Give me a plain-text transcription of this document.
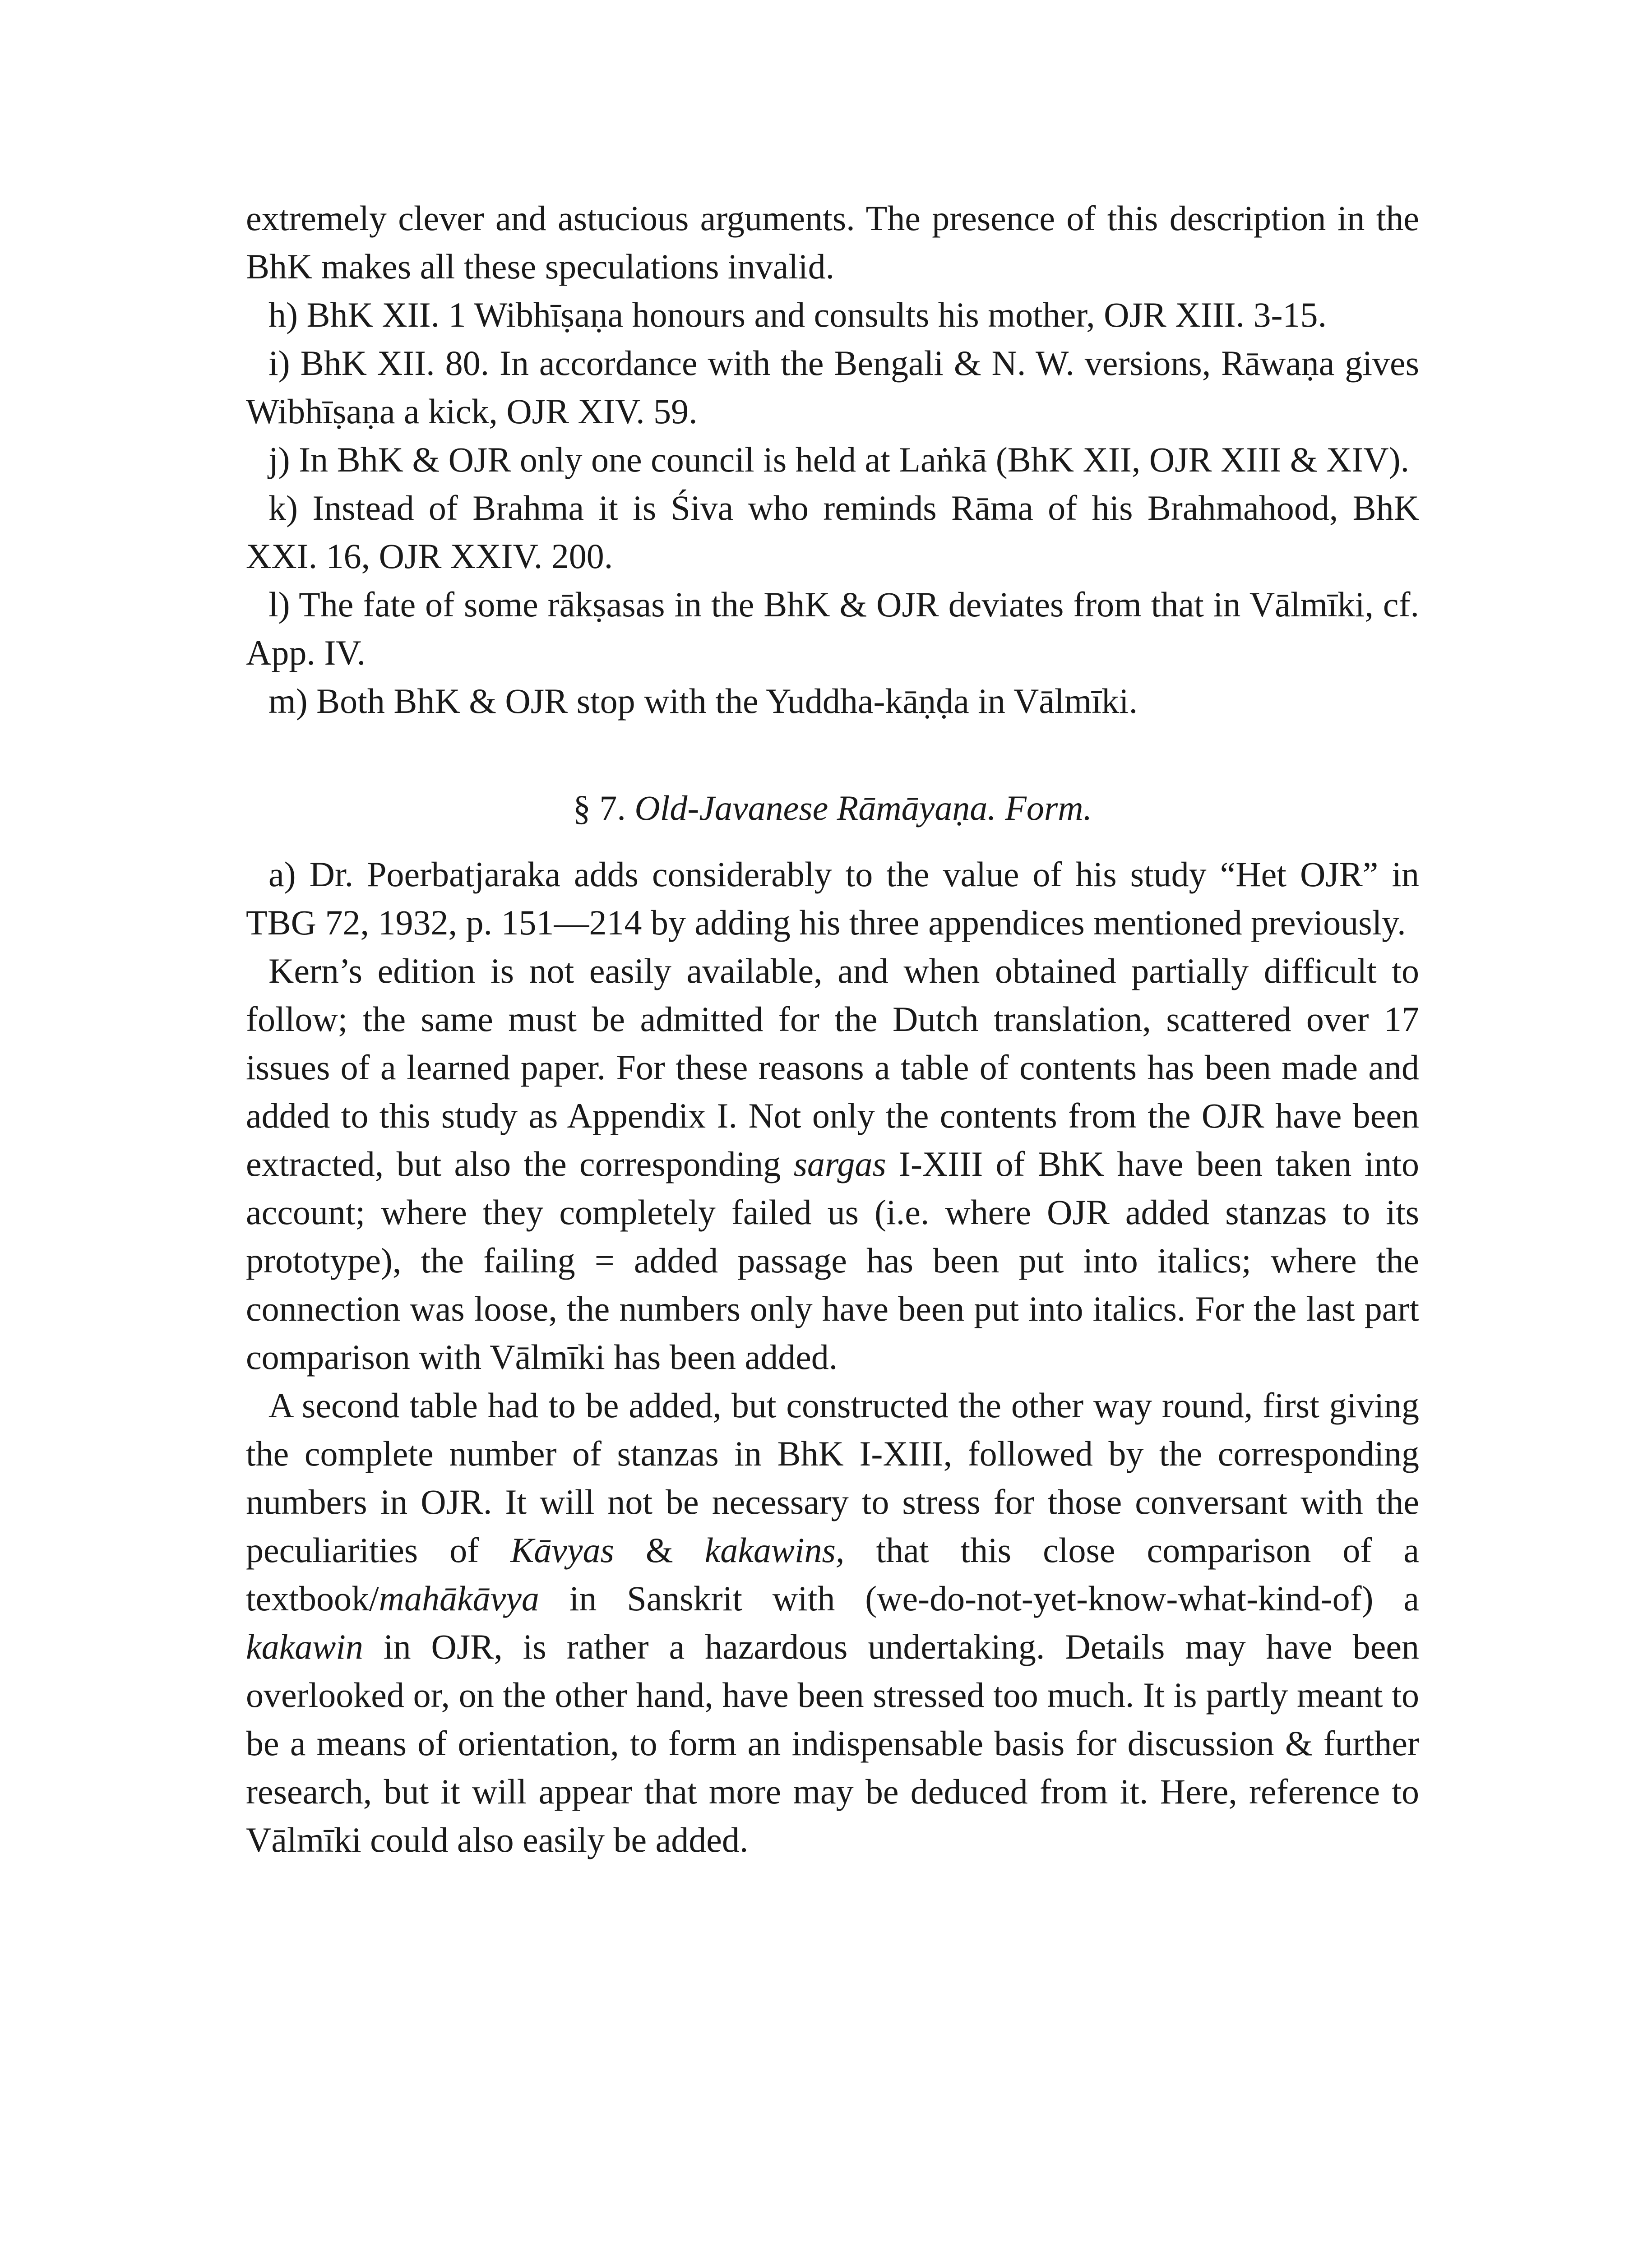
extremely clever and astucious arguments. The presence of this description in the BhK makes all these speculations invalid.

h) BhK XII. 1 Wibhīṣaṇa honours and consults his mother, OJR XIII. 3-15.

i) BhK XII. 80. In accordance with the Bengali & N. W. versions, Rāwaṇa gives Wibhīṣaṇa a kick, OJR XIV. 59.

j) In BhK & OJR only one council is held at Laṅkā (BhK XII, OJR XIII & XIV).

k) Instead of Brahma it is Śiva who reminds Rāma of his Brahmahood, BhK XXI. 16, OJR XXIV. 200.

l) The fate of some rākṣasas in the BhK & OJR deviates from that in Vālmīki, cf. App. IV.

m) Both BhK & OJR stop with the Yuddha-kāṇḍa in Vālmīki.

§ 7. Old-Javanese Rāmāyaṇa. Form.

a) Dr. Poerbatjaraka adds considerably to the value of his study “Het OJR” in TBG 72, 1932, p. 151—214 by adding his three appendices mentioned previously.

Kern’s edition is not easily available, and when obtained partially difficult to follow; the same must be admitted for the Dutch translation, scattered over 17 issues of a learned paper. For these reasons a table of contents has been made and added to this study as Appendix I. Not only the contents from the OJR have been extracted, but also the corresponding sargas I-XIII of BhK have been taken into account; where they completely failed us (i.e. where OJR added stanzas to its prototype), the failing = added passage has been put into italics; where the connection was loose, the numbers only have been put into italics. For the last part comparison with Vālmīki has been added.

A second table had to be added, but constructed the other way round, first giving the complete number of stanzas in BhK I-XIII, followed by the corresponding numbers in OJR. It will not be necessary to stress for those conversant with the peculiarities of Kāvyas & kakawins, that this close comparison of a textbook/mahākāvya in Sanskrit with (we-do-not-yet-know-what-kind-of) a kakawin in OJR, is rather a hazardous undertaking. Details may have been overlooked or, on the other hand, have been stressed too much. It is partly meant to be a means of orientation, to form an indispensable basis for discussion & further research, but it will appear that more may be deduced from it. Here, reference to Vālmīki could also easily be added.
